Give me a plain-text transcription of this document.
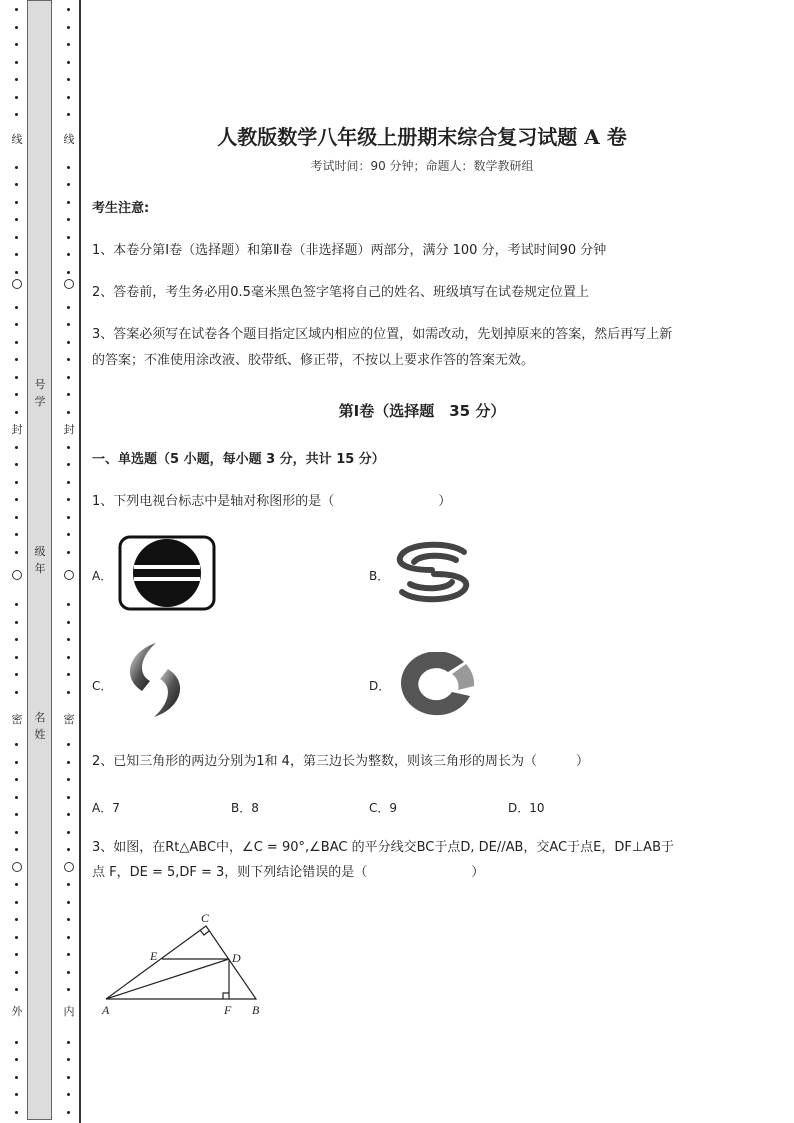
线
封
密
外
线
封
密
内
号
学
级
年
名
姓
人教版数学八年级上册期末综合复习试题 A 卷
考试时间：90 分钟；命题人：数学教研组
考生注意:
1、本卷分第Ⅰ卷（选择题）和第Ⅱ卷（非选择题）两部分，满分 100 分，考试时间90 分钟
2、答卷前，考生务必用0.5毫米黑色签字笔将自己的姓名、班级填写在试卷规定位置上
3、答案必须写在试卷各个题目指定区域内相应的位置，如需改动，先划掉原来的答案，然后再写上新
的答案；不准使用涂改液、胶带纸、修正带，不按以上要求作答的答案无效。
第Ⅰ卷（选择题　35 分）
一、单选题（5 小题，每小题 3 分，共计 15 分）
1、下列电视台标志中是轴对称图形的是（　　　　　　　　）
A．	B．
C．	D．
2、已知三角形的两边分别为1和 4，第三边长为整数，则该三角形的周长为（　　　）
A．7	B．8	C．9	D．10
3、如图，在Rt△ABC中，∠C = 90°,∠BAC 的平分线交BC于点D, DE//AB，交AC于点E，DF⊥AB于
点 F，DE = 5,DF = 3，则下列结论错误的是（　　　　　　　　）
C
E	D
A	F B
